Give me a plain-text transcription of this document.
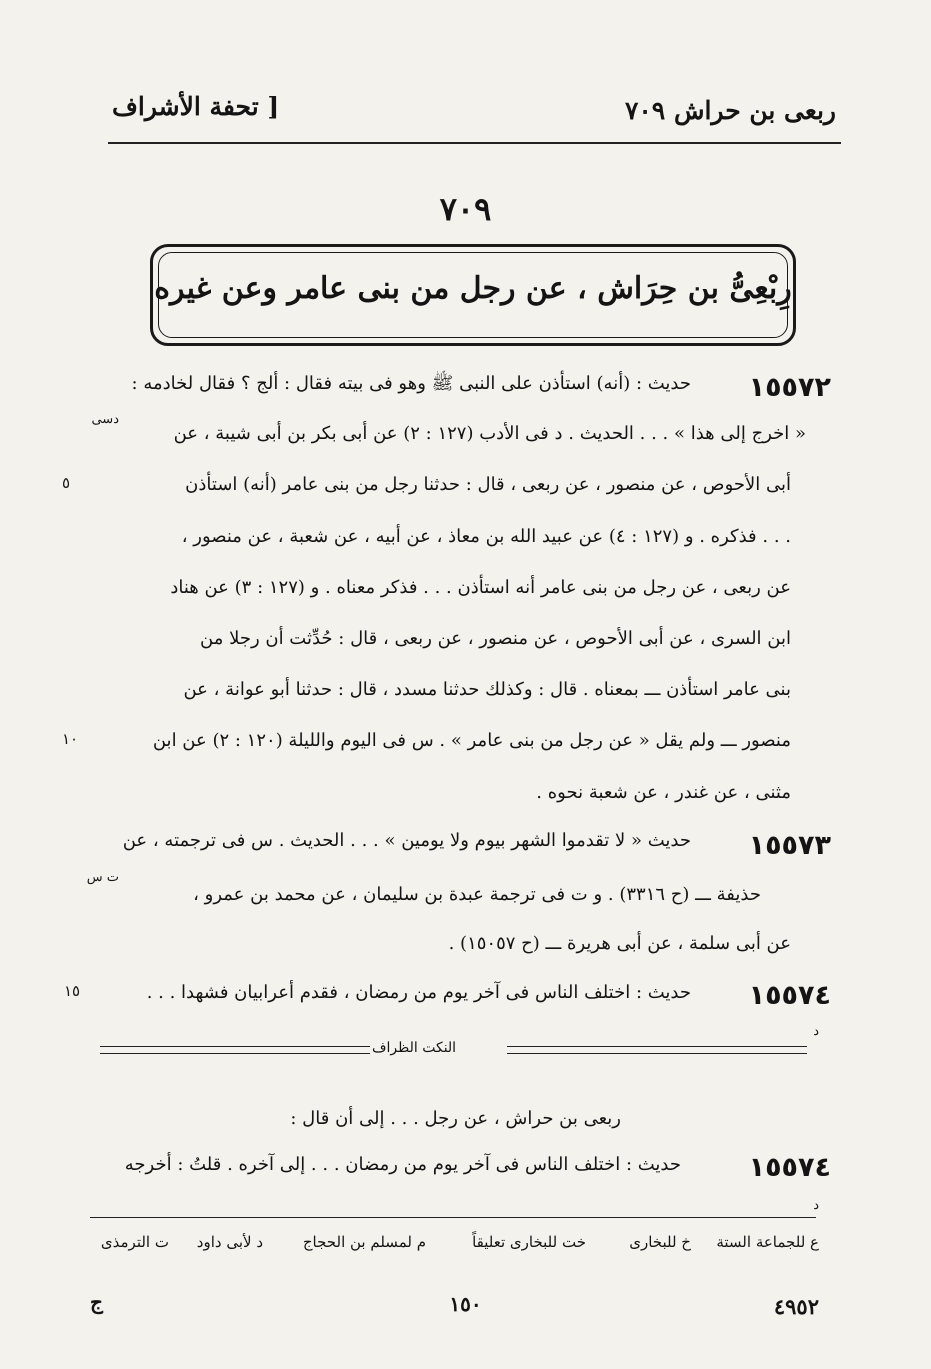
ربعى بن حراش ٧٠٩
[ تحفة الأشراف
٧٠٩
رِبْعِىُّ بن حِرَاش ، عن رجل من بنى عامر وعن غيره
١٥٥٧٢
دسى
حديث : (أنه) استأذن على النبى ﷺ وهو فى بيته فقال : ألج ؟ فقال لخادمه :
« اخرج إلى هذا » . . . الحديث . د فى الأدب (١٢٧ : ٢) عن أبى بكر بن أبى شيبة ، عن
أبى الأحوص ، عن منصور ، عن ربعى ، قال : حدثنا رجل من بنى عامر (أنه) استأذن
. . . فذكره . و (١٢٧ : ٤) عن عبيد الله بن معاذ ، عن أبيه ، عن شعبة ، عن منصور ،
عن ربعى ، عن رجل من بنى عامر أنه استأذن . . . فذكر معناه . و (١٢٧ : ٣) عن هناد
ابن السرى ، عن أبى الأحوص ، عن منصور ، عن ربعى ، قال : حُدِّثت أن رجلا من
بنى عامر استأذن ـــ بمعناه . قال : وكذلك حدثنا مسدد ، قال : حدثنا أبو عوانة ، عن
منصور ـــ ولم يقل « عن رجل من بنى عامر » . س فى اليوم والليلة (١٢٠ : ٢) عن ابن
مثنى ، عن غندر ، عن شعبة نحوه .
٥
١٠
١٥٥٧٣
ت س
حديث « لا تقدموا الشهر بيوم ولا يومين » . . . الحديث . س فى ترجمته ، عن
حذيفة ـــ (ح ٣٣١٦) . و ت فى ترجمة عبدة بن سليمان ، عن محمد بن عمرو ،
عن أبى سلمة ، عن أبى هريرة ـــ (ح ١٥٠٥٧) .
١٥٥٧٤
د
حديث : اختلف الناس فى آخر يوم من رمضان ، فقدم أعرابيان فشهدا . . .
١٥
النكت الظراف
ربعى بن حراش ، عن رجل . . . إلى أن قال :
١٥٥٧٤
حديث : اختلف الناس فى آخر يوم من رمضان . . . إلى آخره . قلتُ : أخرجه
د
ع للجماعة الستة
خ للبخارى
خت للبخارى تعليقاً
م لمسلم بن الحجاج
د لأبى داود
ت الترمذى
٤٩٥٢
١٥٠
ج
